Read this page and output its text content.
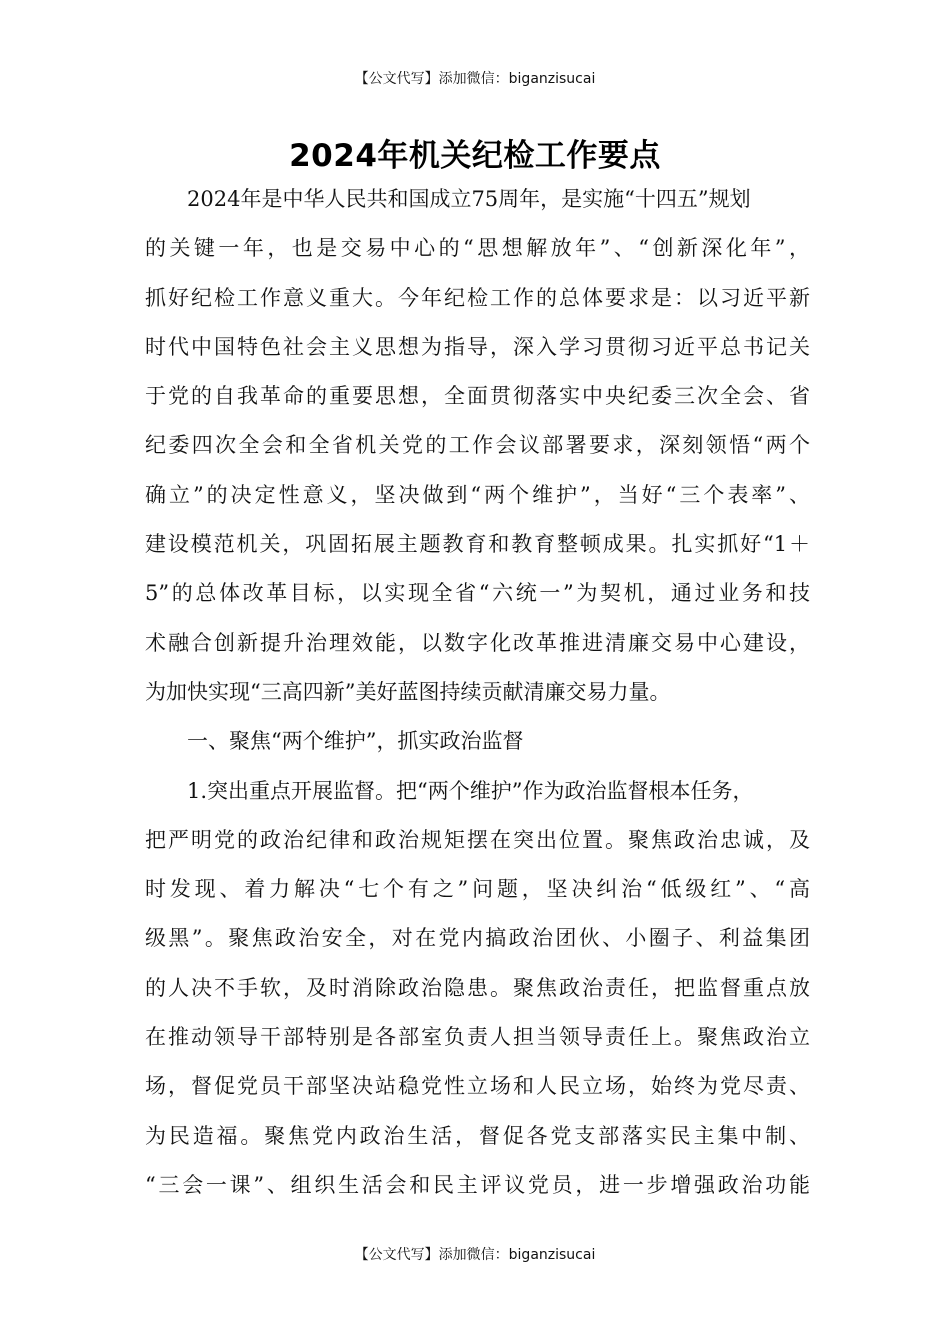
【公文代写】添加微信：biganzisucai
2024年机关纪检工作要点
2024年是中华人民共和国成立75周年，是实施“十四五”规划
的关键一年，也是交易中心的“思想解放年”、“创新深化年”，
抓好纪检工作意义重大。今年纪检工作的总体要求是：以习近平新
时代中国特色社会主义思想为指导，深入学习贯彻习近平总书记关
于党的自我革命的重要思想，全面贯彻落实中央纪委三次全会、省
纪委四次全会和全省机关党的工作会议部署要求，深刻领悟“两个
确立”的决定性意义，坚决做到“两个维护”，当好“三个表率”、
建设模范机关，巩固拓展主题教育和教育整顿成果。扎实抓好“1＋
5”的总体改革目标，以实现全省“六统一”为契机，通过业务和技
术融合创新提升治理效能，以数字化改革推进清廉交易中心建设，
为加快实现“三高四新”美好蓝图持续贡献清廉交易力量。
一、聚焦“两个维护”，抓实政治监督
1.突出重点开展监督。把“两个维护”作为政治监督根本任务，
把严明党的政治纪律和政治规矩摆在突出位置。聚焦政治忠诚，及
时发现、着力解决“七个有之”问题，坚决纠治“低级红”、“高
级黑”。聚焦政治安全，对在党内搞政治团伙、小圈子、利益集团
的人决不手软，及时消除政治隐患。聚焦政治责任，把监督重点放
在推动领导干部特别是各部室负责人担当领导责任上。聚焦政治立
场，督促党员干部坚决站稳党性立场和人民立场，始终为党尽责、
为民造福。聚焦党内政治生活，督促各党支部落实民主集中制、
“三会一课”、组织生活会和民主评议党员，进一步增强政治功能
【公文代写】添加微信：biganzisucai
